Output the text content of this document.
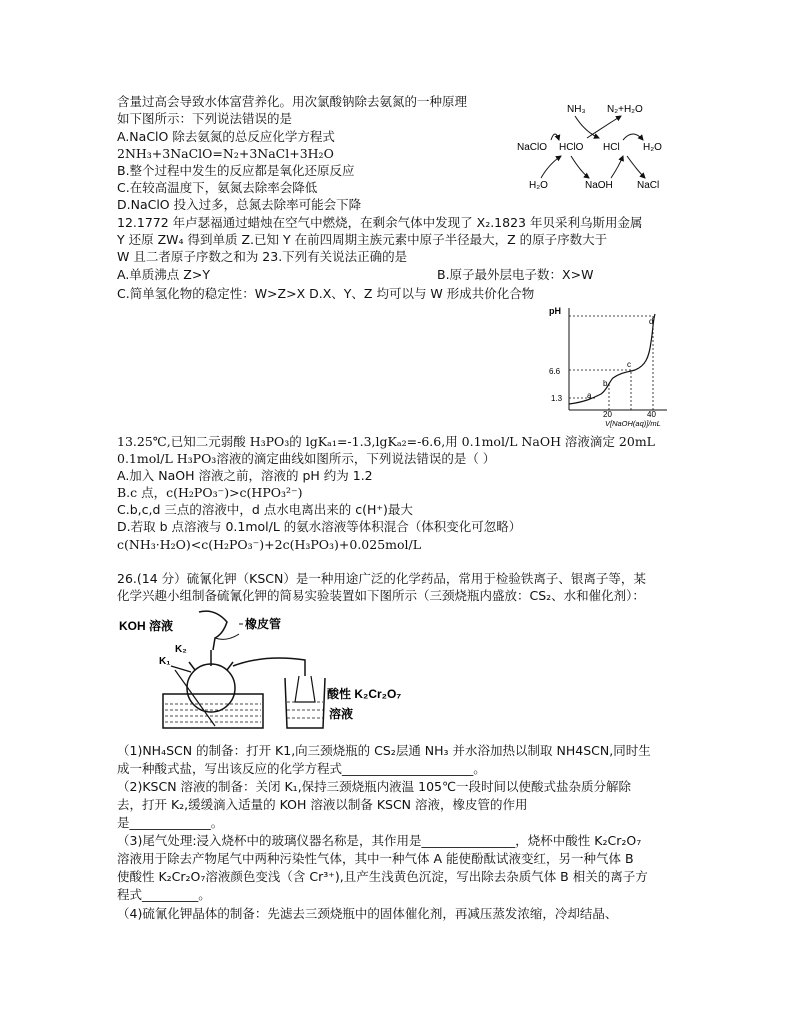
含量过高会导致水体富营养化。用次氯酸钠除去氨氮的一种原理
如下图所示：下列说法错误的是
A.NaClO 除去氨氮的总反应化学方程式
2NH₃+3NaClO=N₂+3NaCl+3H₂O
B.整个过程中发生的反应都是氧化还原反应
C.在较高温度下，氨氮去除率会降低
D.NaClO 投入过多，总氮去除率可能会下降
NH₃ N₂+H₂O
NaClO HClO HCl H₂O
H₂O	NaOH NaCl
12.1772 年卢瑟福通过蜡烛在空气中燃烧，在剩余气体中发现了 X₂.1823 年贝采利乌斯用金属
Y 还原 ZW₄ 得到单质 Z.已知 Y 在前四周期主族元素中原子半径最大，Z 的原子序数大于
W 且二者原子序数之和为 23.下列有关说法正确的是
A.单质沸点 Z>Y	B.原子最外层电子数：X>W
C.简单氢化物的稳定性：W>Z>X D.X、Y、Z 均可以与 W 形成共价化合物
pH
V[NaOH(aq)]/mL
6.6
1.3
20	40
a
b
c
d
13.25℃,已知二元弱酸 H₃PO₃的 lgKₐ₁=-1.3,lgKₐ₂=-6.6,用 0.1mol/L NaOH 溶液滴定 20mL
0.1mol/L H₃PO₃溶液的滴定曲线如图所示，下列说法错误的是（ ）
A.加入 NaOH 溶液之前，溶液的 pH 约为 1.2
B.c 点，c(H₂PO₃⁻)>c(HPO₃²⁻)
C.b,c,d 三点的溶液中，d 点水电离出来的 c(H⁺)最大
D.若取 b 点溶液与 0.1mol/L 的氨水溶液等体积混合（体积变化可忽略）
c(NH₃·H₂O)<c(H₂PO₃⁻)+2c(H₃PO₃)+0.025mol/L
26.(14 分）硫氰化钾（KSCN）是一种用途广泛的化学药品，常用于检验铁离子、银离子等，某
化学兴趣小组制备硫氰化钾的简易实验装置如下图所示（三颈烧瓶内盛放：CS₂、水和催化剂）：
KOH 溶液	橡皮管
K₂
K₁
酸性 K₂Cr₂O₇
溶液
（1)NH₄SCN 的制备：打开 K1,向三颈烧瓶的 CS₂层通 NH₃ 并水浴加热以制取 NH4SCN,同时生
成一种酸式盐，写出该反应的化学方程式_____________________。
（2)KSCN 溶液的制备：关闭 K₁,保持三颈烧瓶内液温 105℃一段时间以使酸式盐杂质分解除
去，打开 K₂,缓缓滴入适量的 KOH 溶液以制备 KSCN 溶液，橡皮管的作用
是_____________。
（3)尾气处理:浸入烧杯中的玻璃仪器名称是，其作用是_______________，烧杯中酸性 K₂Cr₂O₇
溶液用于除去产物尾气中两种污染性气体，其中一种气体 A 能使酚酞试液变红，另一种气体 B
使酸性 K₂Cr₂O₇溶液颜色变浅（含 Cr³⁺),且产生浅黄色沉淀，写出除去杂质气体 B 相关的离子方
程式_________。
（4)硫氰化钾晶体的制备：先滤去三颈烧瓶中的固体催化剂，再减压蒸发浓缩，冷却结晶、
